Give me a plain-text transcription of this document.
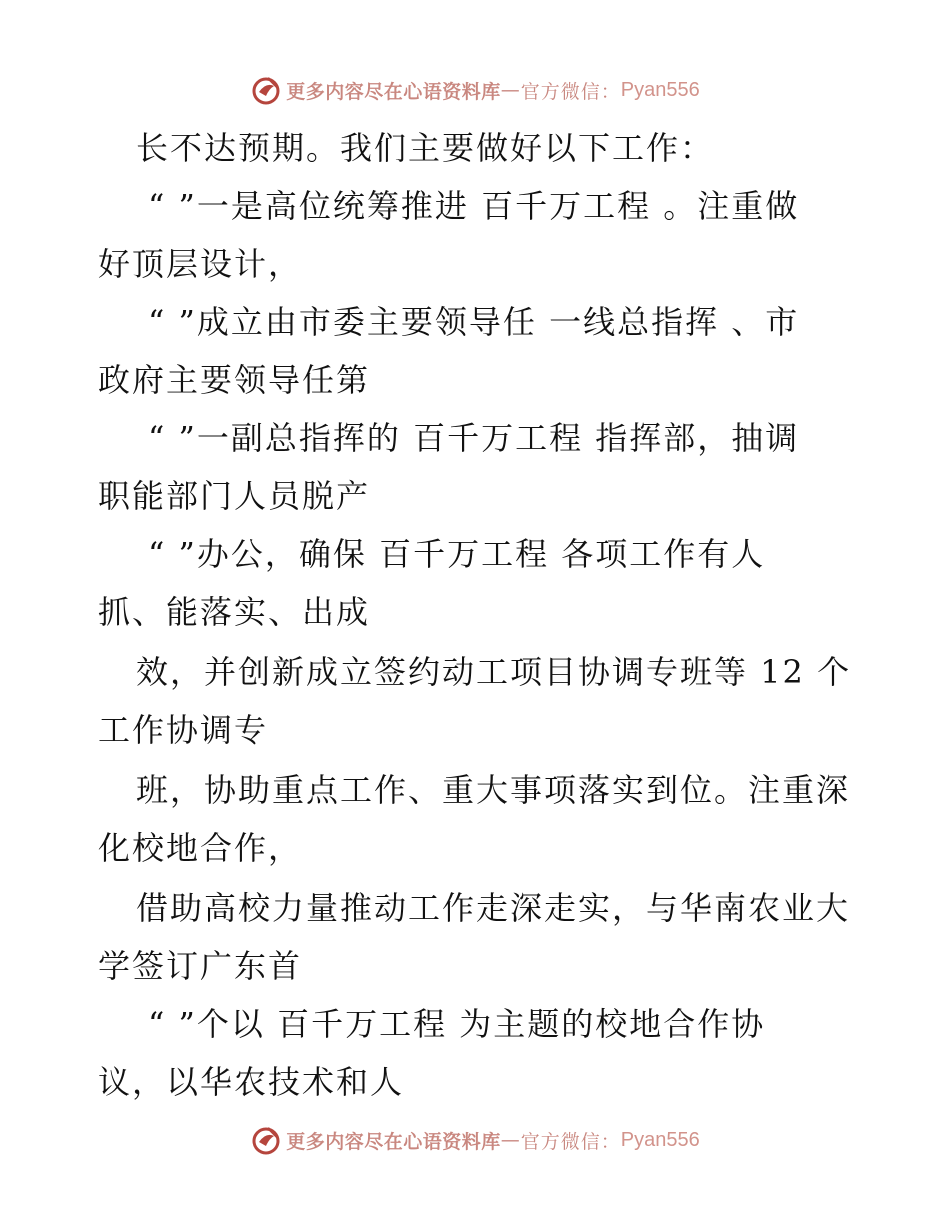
更多内容尽在心语资料库 — 官方微信： Pyan556
长不达预期。我们主要做好以下工作：
“ ”一是高位统筹推进 百千万工程 。注重做
好顶层设计，
“ ”成立由市委主要领导任 一线总指挥 、市
政府主要领导任第
“ ”一副总指挥的 百千万工程 指挥部，抽调
职能部门人员脱产
“ ”办公，确保 百千万工程 各项工作有人
抓、能落实、出成
效，并创新成立签约动工项目协调专班等 12 个
工作协调专
班，协助重点工作、重大事项落实到位。注重深
化校地合作，
借助高校力量推动工作走深走实，与华南农业大
学签订广东首
“ ”个以 百千万工程 为主题的校地合作协
议，以华农技术和人
更多内容尽在心语资料库 — 官方微信： Pyan556
